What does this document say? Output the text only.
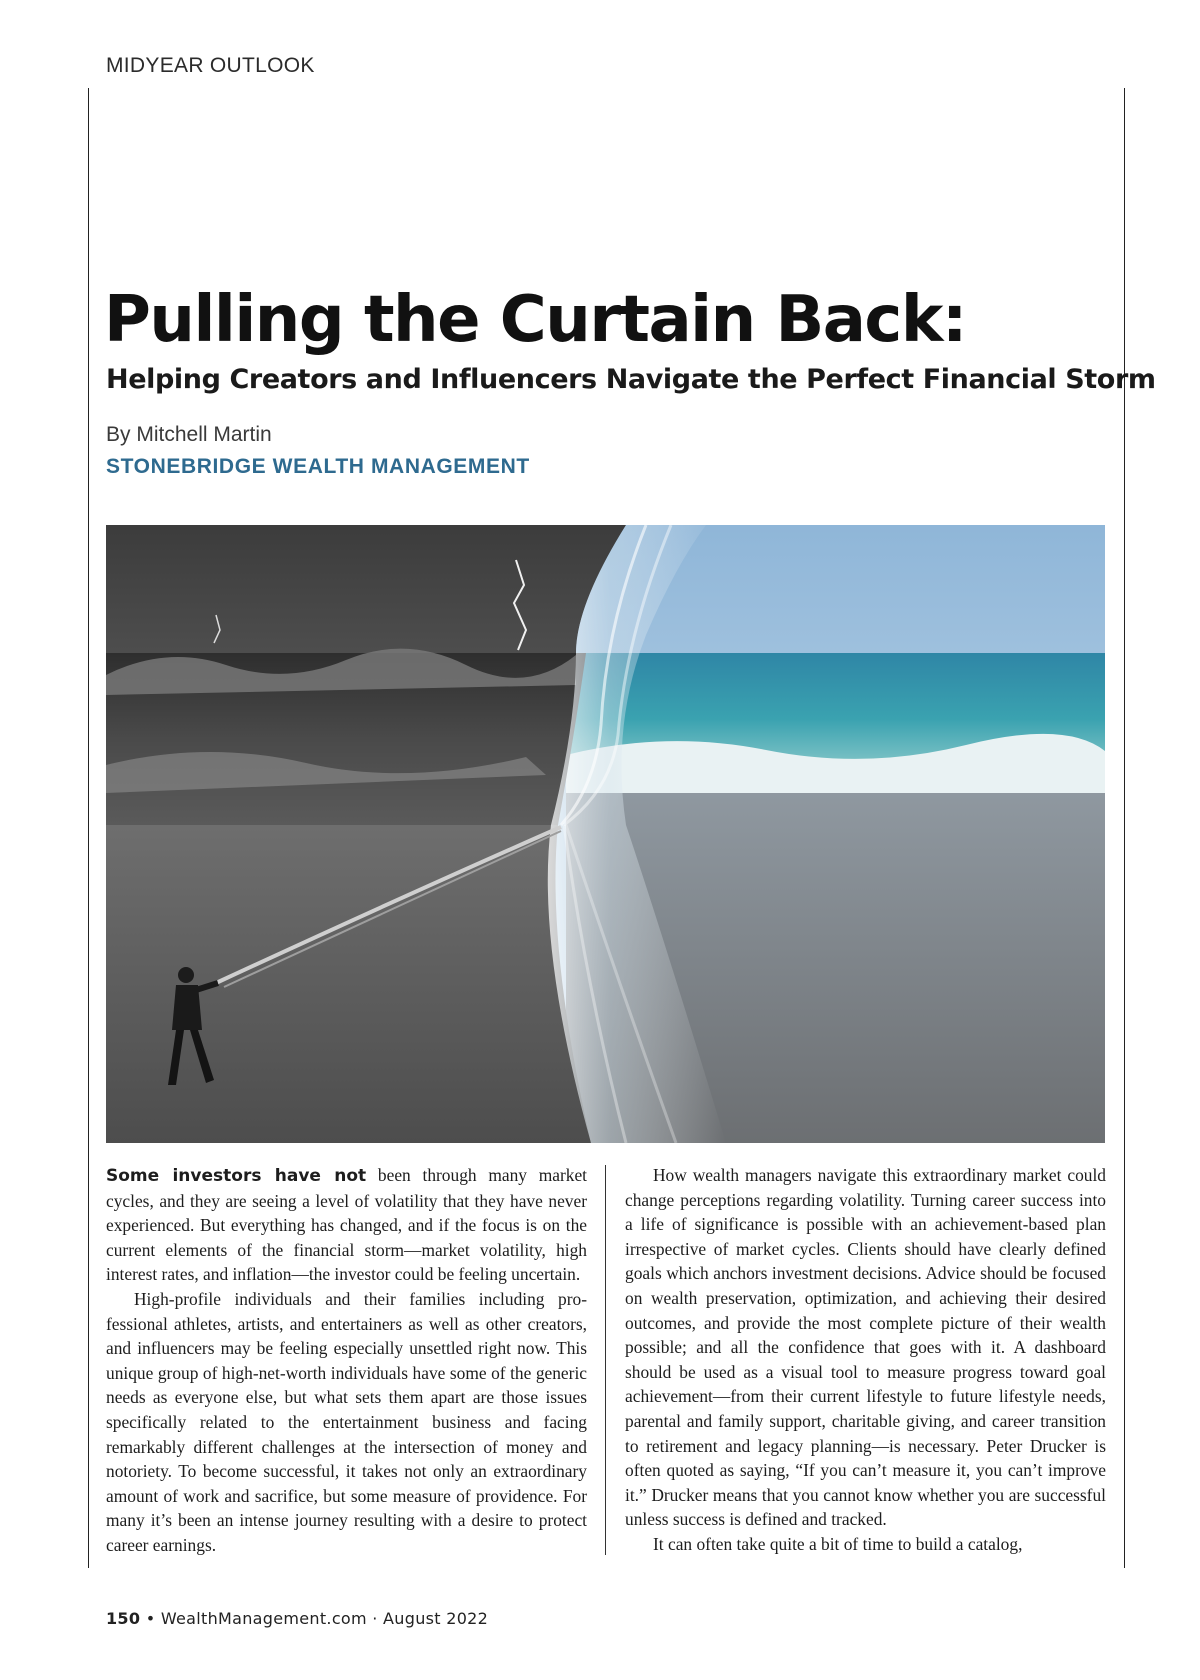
MIDYEAR OUTLOOK
Pulling the Curtain Back:
Helping Creators and Influencers Navigate the Perfect Financial Storm
By Mitchell Martin
STONEBRIDGE WEALTH MANAGEMENT

Some investors have not been through many market cycles, and they are seeing a level of volatility that they have never experienced. But everything has changed, and if the focus is on the current elements of the financial storm—market volatility, high interest rates, and inflation—the investor could be feeling uncertain.

High-profile individuals and their families including professional athletes, artists, and entertainers as well as other creators, and influencers may be feeling especially unsettled right now. This unique group of high-net-worth individuals have some of the generic needs as everyone else, but what sets them apart are those issues specifically related to the entertainment business and facing remarkably different challenges at the intersection of money and notoriety. To become successful, it takes not only an extraordinary amount of work and sacrifice, but some measure of providence. For many it’s been an intense journey resulting with a desire to protect career earnings.

How wealth managers navigate this extraordinary market could change perceptions regarding volatility. Turning career success into a life of significance is possible with an achievement-based plan irrespective of market cycles. Clients should have clearly defined goals which anchors investment decisions. Advice should be focused on wealth preservation, optimization, and achieving their desired outcomes, and provide the most complete picture of their wealth possible; and all the confidence that goes with it. A dashboard should be used as a visual tool to measure progress toward goal achievement—from their current lifestyle to future lifestyle needs, parental and family support, charitable giving, and career transition to retirement and legacy planning—is necessary. Peter Drucker is often quoted as saying, “If you can’t measure it, you can’t improve it.” Drucker means that you cannot know whether you are successful unless success is defined and tracked.

It can often take quite a bit of time to build a catalog,

150 • WealthManagement.com · August 2022
